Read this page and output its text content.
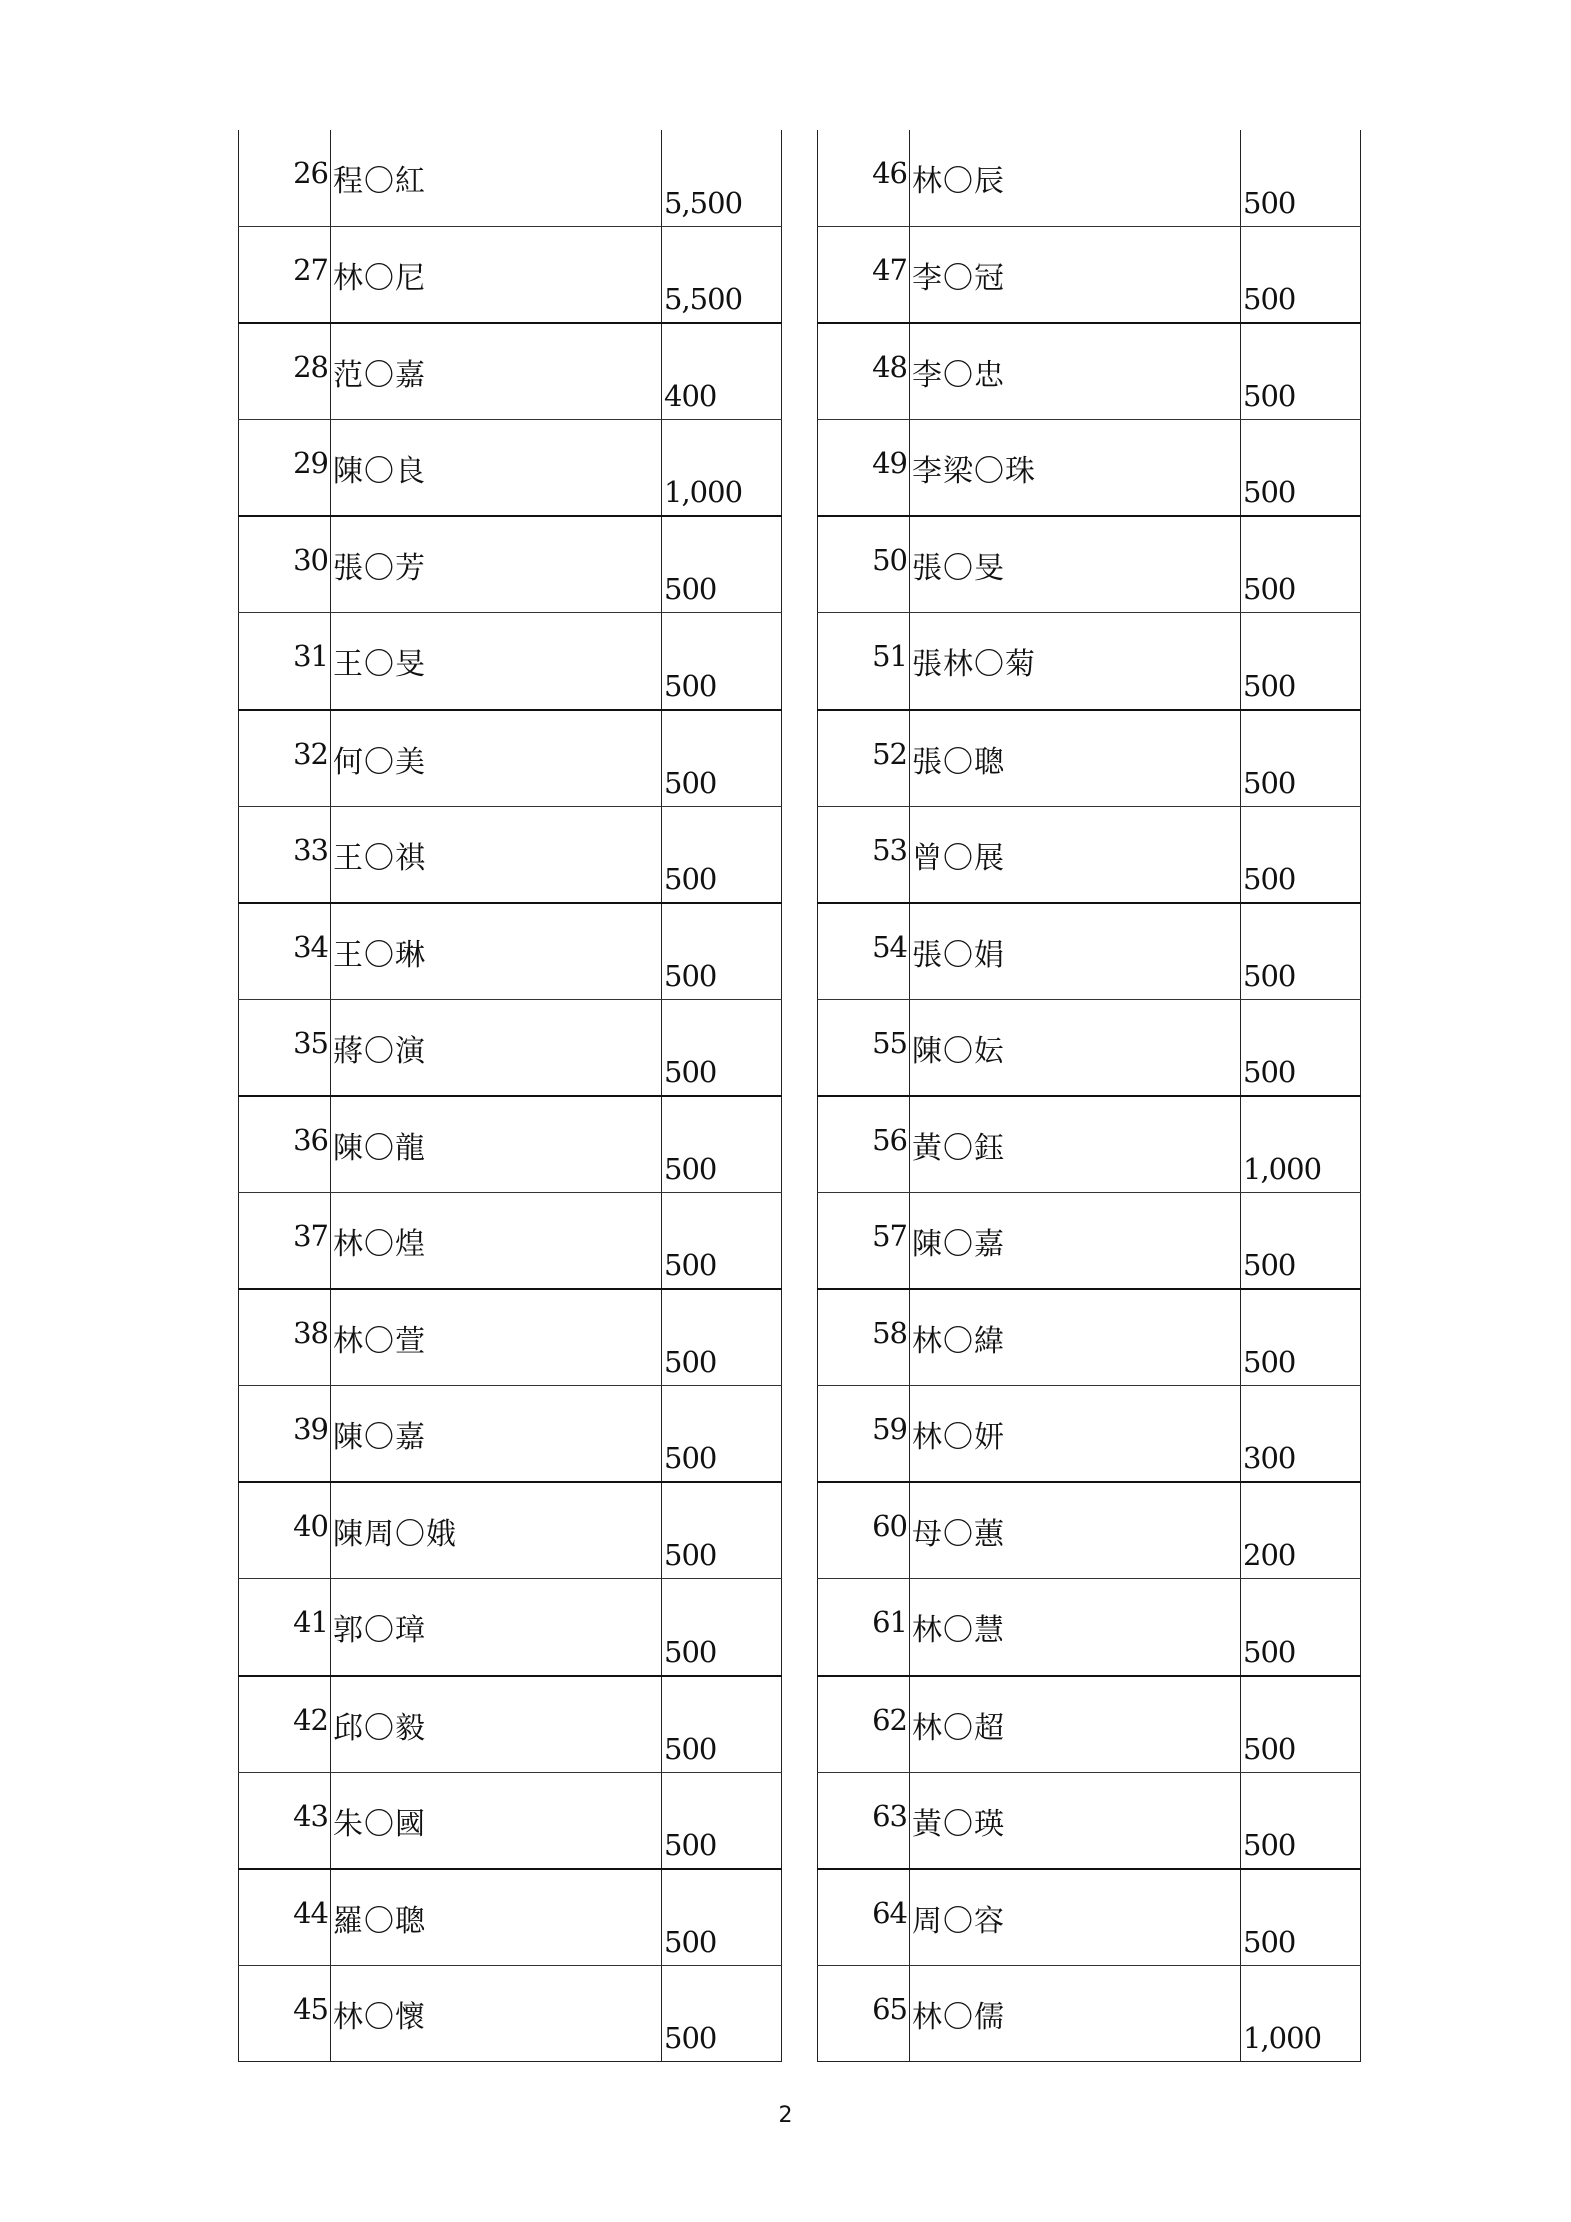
26	程〇紅	5,500

27	林〇尼	5,500

28	范〇嘉	400

29	陳〇良	1,000

30	張〇芳	500

31	王〇旻	500

32	何〇美	500

33	王〇祺	500

34	王〇琳	500

35	蔣〇演	500

36	陳〇龍	500

37	林〇煌	500

38	林〇萱	500

39	陳〇嘉	500

40	陳周〇娥	500

41	郭〇璋	500

42	邱〇毅	500

43	朱〇國	500

44	羅〇聰	500

45	林〇懷	500
46	林〇辰	500

47	李〇冠	500

48	李〇忠	500

49	李梁〇珠	500

50	張〇旻	500

51	張林〇菊	500

52	張〇聰	500

53	曾〇展	500

54	張〇娟	500

55	陳〇妘	500

56	黃〇鈺	1,000

57	陳〇嘉	500

58	林〇緯	500

59	林〇妍	300

60	母〇蕙	200

61	林〇慧	500

62	林〇超	500

63	黃〇瑛	500

64	周〇容	500

65	林〇儒	1,000
2
